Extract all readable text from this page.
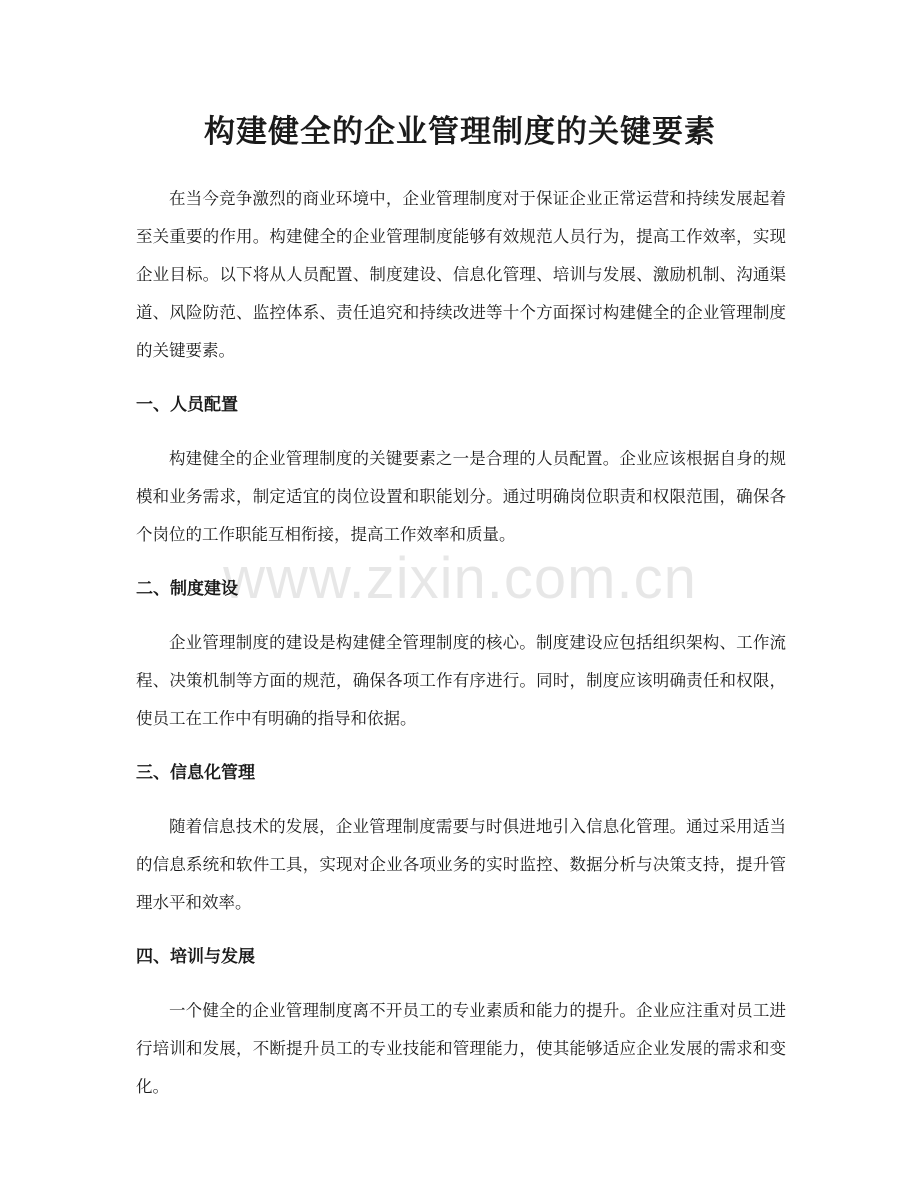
构建健全的企业管理制度的关键要素

在当今竞争激烈的商业环境中，企业管理制度对于保证企业正常运营和持续发展起着至关重要的作用。构建健全的企业管理制度能够有效规范人员行为，提高工作效率，实现企业目标。以下将从人员配置、制度建设、信息化管理、培训与发展、激励机制、沟通渠道、风险防范、监控体系、责任追究和持续改进等十个方面探讨构建健全的企业管理制度的关键要素。

一、人员配置

构建健全的企业管理制度的关键要素之一是合理的人员配置。企业应该根据自身的规模和业务需求，制定适宜的岗位设置和职能划分。通过明确岗位职责和权限范围，确保各个岗位的工作职能互相衔接，提高工作效率和质量。

二、制度建设

企业管理制度的建设是构建健全管理制度的核心。制度建设应包括组织架构、工作流程、决策机制等方面的规范，确保各项工作有序进行。同时，制度应该明确责任和权限，使员工在工作中有明确的指导和依据。

三、信息化管理

随着信息技术的发展，企业管理制度需要与时俱进地引入信息化管理。通过采用适当的信息系统和软件工具，实现对企业各项业务的实时监控、数据分析与决策支持，提升管理水平和效率。

四、培训与发展

一个健全的企业管理制度离不开员工的专业素质和能力的提升。企业应注重对员工进行培训和发展，不断提升员工的专业技能和管理能力，使其能够适应企业发展的需求和变化。

www.zixin.com.cn
